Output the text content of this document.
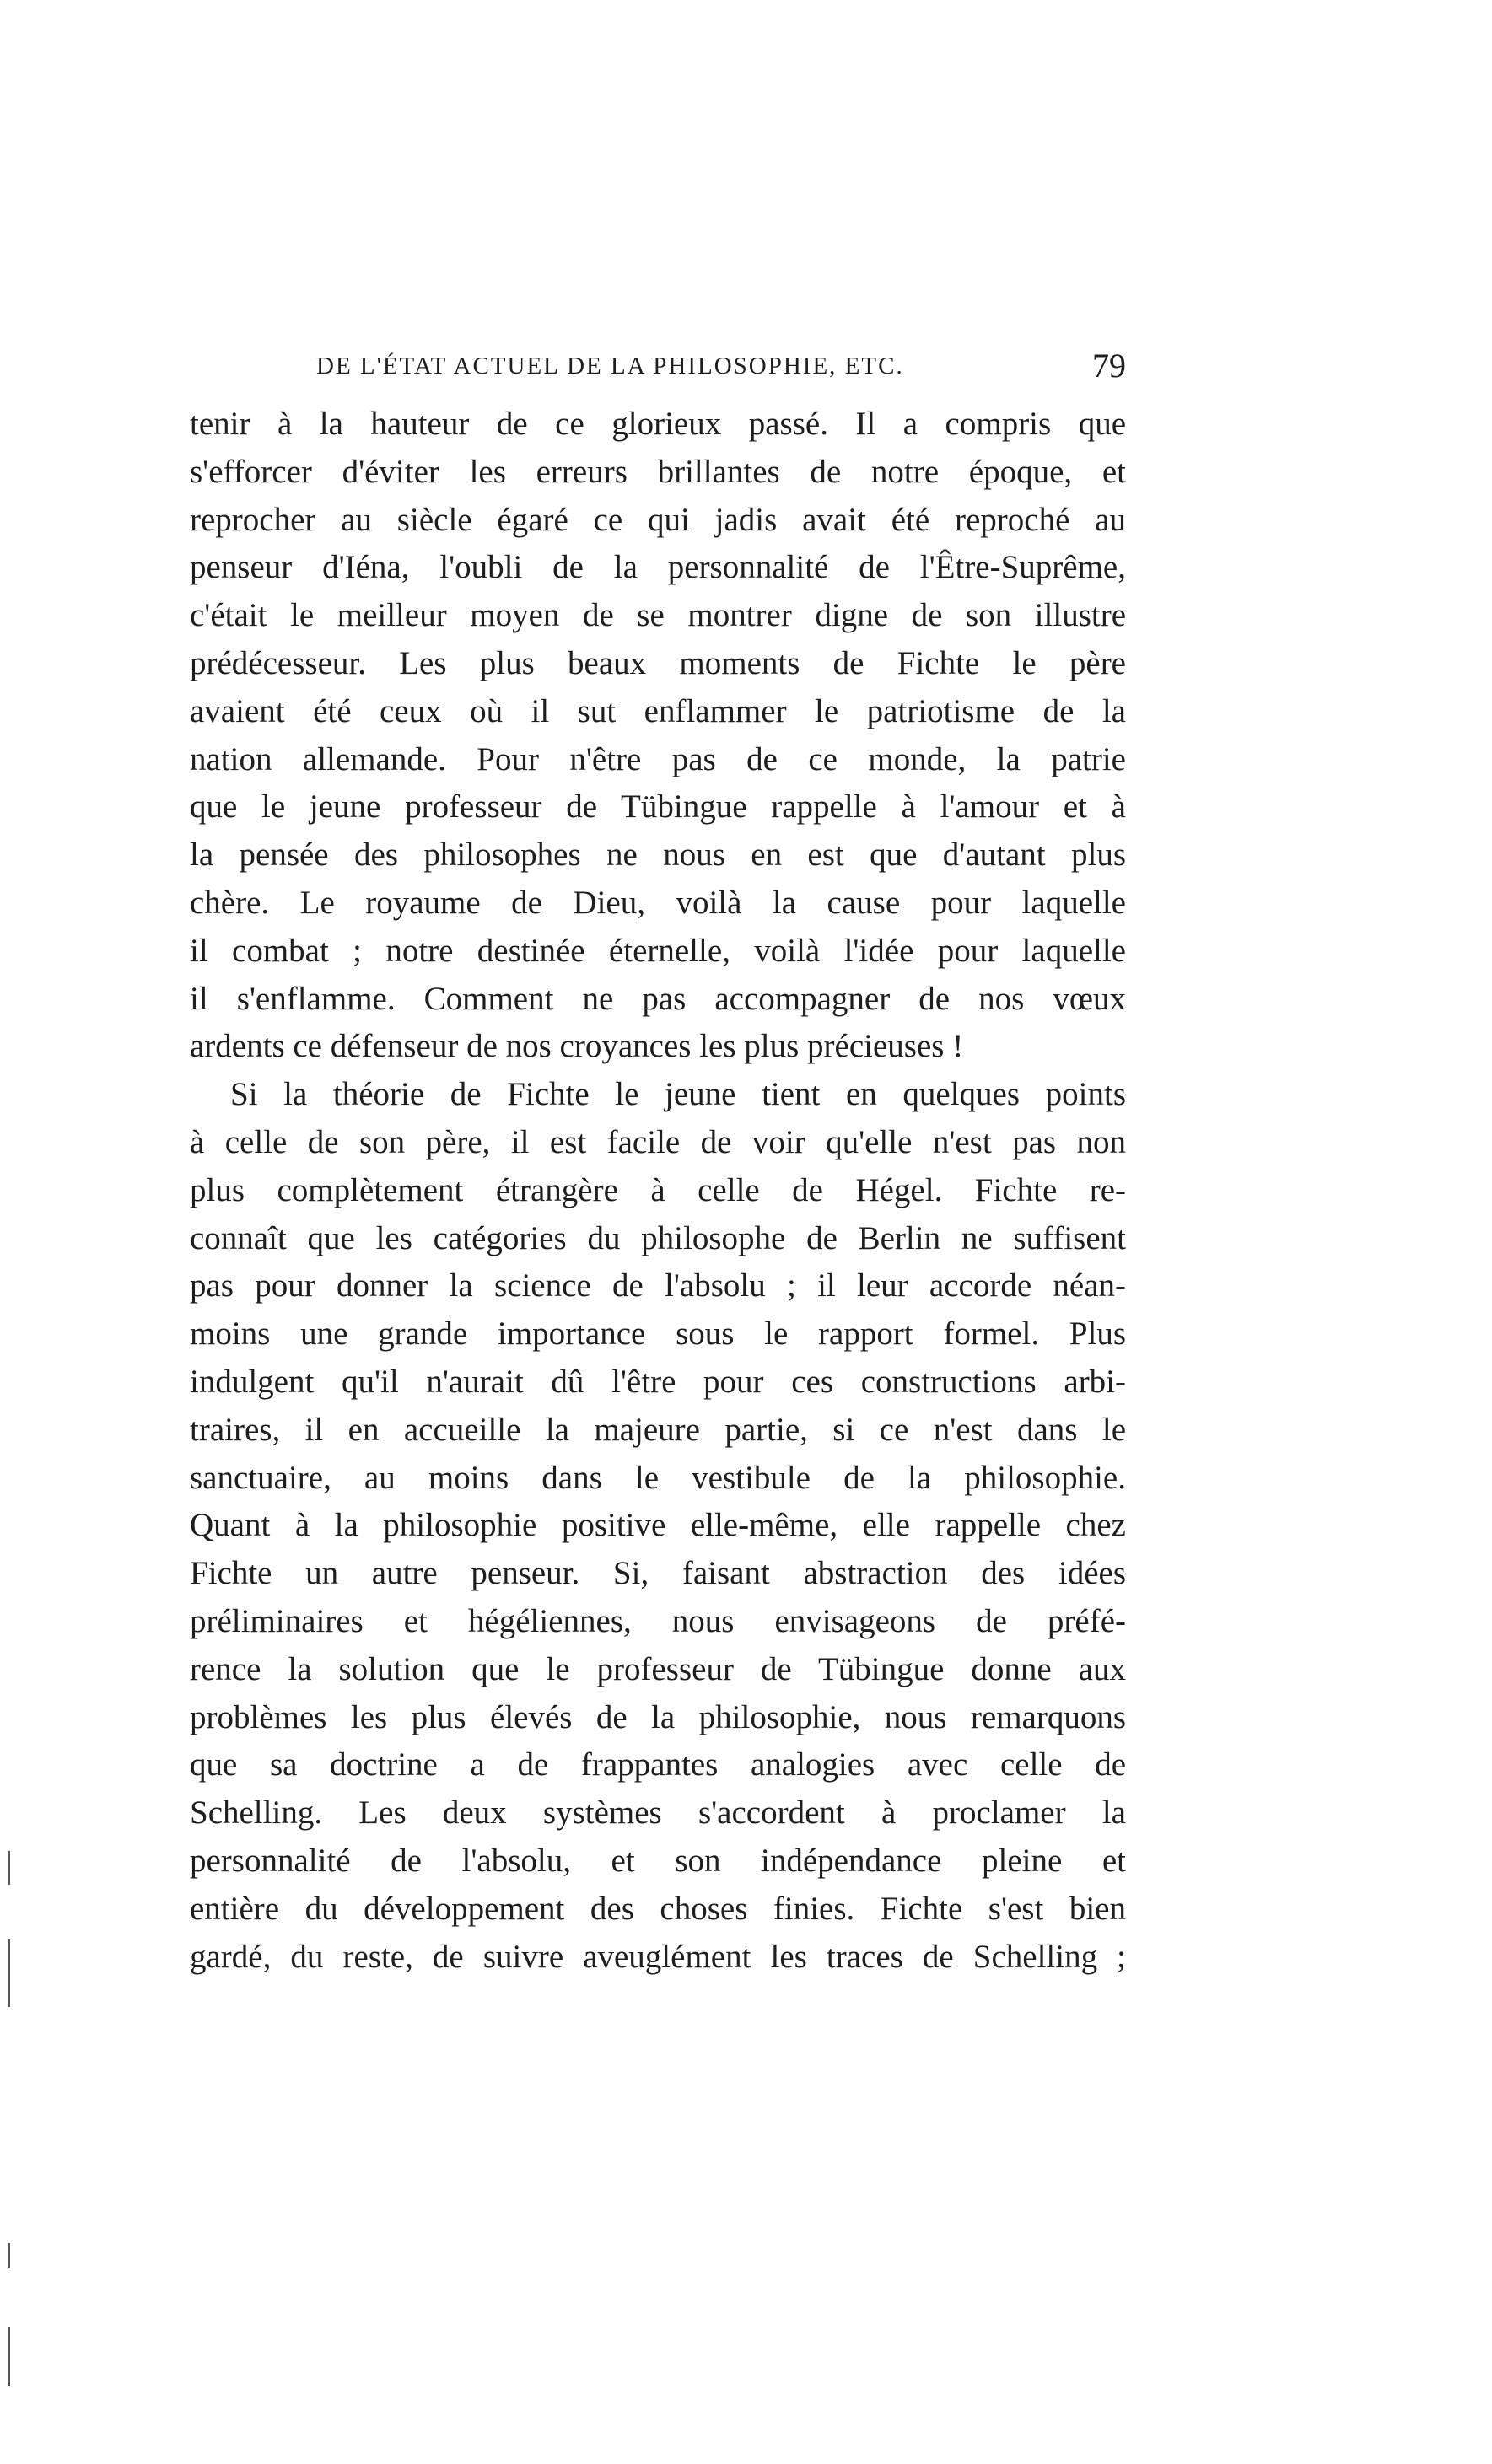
DE L'ÉTAT ACTUEL DE LA PHILOSOPHIE, ETC.	79
tenir à la hauteur de ce glorieux passé. Il a compris que
s'efforcer d'éviter les erreurs brillantes de notre époque, et
reprocher au siècle égaré ce qui jadis avait été reproché au
penseur d'Iéna, l'oubli de la personnalité de l'Être-Suprême,
c'était le meilleur moyen de se montrer digne de son illustre
prédécesseur. Les plus beaux moments de Fichte le père
avaient été ceux où il sut enflammer le patriotisme de la
nation allemande. Pour n'être pas de ce monde, la patrie
que le jeune professeur de Tübingue rappelle à l'amour et à
la pensée des philosophes ne nous en est que d'autant plus
chère. Le royaume de Dieu, voilà la cause pour laquelle
il combat ; notre destinée éternelle, voilà l'idée pour laquelle
il s'enflamme. Comment ne pas accompagner de nos vœux
ardents ce défenseur de nos croyances les plus précieuses !
Si la théorie de Fichte le jeune tient en quelques points
à celle de son père, il est facile de voir qu'elle n'est pas non
plus complètement étrangère à celle de Hégel. Fichte re-
connaît que les catégories du philosophe de Berlin ne suffisent
pas pour donner la science de l'absolu ; il leur accorde néan-
moins une grande importance sous le rapport formel. Plus
indulgent qu'il n'aurait dû l'être pour ces constructions arbi-
traires, il en accueille la majeure partie, si ce n'est dans le
sanctuaire, au moins dans le vestibule de la philosophie.
Quant à la philosophie positive elle-même, elle rappelle chez
Fichte un autre penseur. Si, faisant abstraction des idées
préliminaires et hégéliennes, nous envisageons de préfé-
rence la solution que le professeur de Tübingue donne aux
problèmes les plus élevés de la philosophie, nous remarquons
que sa doctrine a de frappantes analogies avec celle de
Schelling. Les deux systèmes s'accordent à proclamer la
personnalité de l'absolu, et son indépendance pleine et
entière du développement des choses finies. Fichte s'est bien
gardé, du reste, de suivre aveuglément les traces de Schelling ;
